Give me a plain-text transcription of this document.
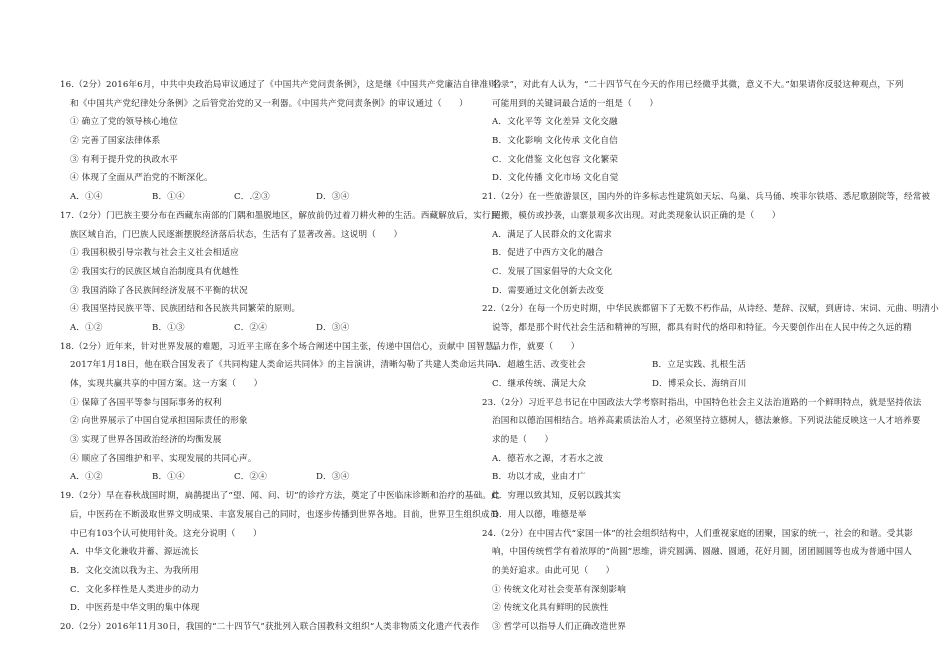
16.（2分）2016年6月，中共中央政治局审议通过了《中国共产党问责条例》，这是继《中国共产党廉洁自律准则》
和《中国共产党纪律处分条例》之后管党治党的又一利器。《中国共产党问责条例》的审议通过（　　）
① 确立了党的领导核心地位
② 完善了国家法律体系
③ 有利于提升党的执政水平
④ 体现了全面从严治党的不断深化。
A．①④	B．①④	C．.②③	D．③④
17.（2分）门巴族主要分布在西藏东南部的门隅和墨脱地区，解放前仍过着刀耕火种的生活。西藏解放后，实行民
族区域自治，门巴族人民逐渐摆脱经济落后状态，生活有了显著改善。这说明（　　）
① 我国积极引导宗教与社会主义社会相适应
② 我国实行的民族区域自治制度具有优越性
③ 我国消除了各民族间经济发展不平衡的状况
④ 我国坚持民族平等、民族团结和各民族共同繁荣的原则。
A．①②	B．①③	C．②④	D．③④
18.（2分）近年来，针对世界发展的难题，习近平主席在多个场合阐述中国主张，传递中国信心，贡献中 国智慧。
2017年1月18日，他在联合国发表了《共同构建人类命运共同体》的主旨演讲，清晰勾勒了共建人类命运共同
体，实现共赢共享的中国方案。这一方案（　　）
① 保障了各国平等参与国际事务的权利
② 向世界展示了中国自觉承担国际责任的形象
③ 实现了世界各国政治经济的均衡发展
④ 顺应了各国维护和平、实现发展的共同心声。
A．①②	B．①④	C．②④	D．③④
19.（2分）早在春秋战国时期，扁鹊提出了“望、闻、问、切”的诊疗方法，奠定了中医临床诊断和治疗的基础。此
后，中医药在不断汲取世界文明成果、丰富发展自己的同时，也逐步传播到世界各地。目前，世界卫生组织成员
中已有103个认可使用针灸。这充分说明（　　）
A．中华文化兼收并蓄、源远流长
B．文化交流以我为主、为我所用
C．文化多样性是人类进步的动力
D．中医药是中华文明的集中体现
20.（2分）2016年11月30日，我国的“二十四节气”获批列入联合国教科文组织“人类非物质文化遗产代表作
名录”，对此有人认为，“二十四节气在今天的作用已经微乎其微，意义不大。”如果请你反驳这种观点，下列
可能用到的关键词最合适的一组是（　　）
A．文化平等 文化差异 文化交融
B．文化影响 文化传承 文化自信
C．文化借鉴 文化包容 文化繁荣
D．文化传播 文化市场 文化自觉
21.（2分）在一些旅游景区，国内外的许多标志性建筑如天坛、鸟巢、兵马俑、埃菲尔铁塔、悉尼歌剧院等，经常被
照搬，模仿或抄袭，山寨景观多次出现。对此类现象认识正确的是（　　）
A．满足了人民群众的文化需求
B．促进了中西方文化的融合
C．发展了国家倡导的大众文化
D．需要通过文化创新去改变
22.（2分）在每一个历史时期，中华民族都留下了无数不朽作品，从诗经、楚辞、汉赋，到唐诗、宋词、元曲、明清小
说等，都是那个时代社会生活和精神的写照，都具有时代的烙印和特征。今天要创作出在人民中传之久远的精
品力作，就要（　　）
A．超越生活、改变社会	B．立足实践、扎根生活
C．继承传统、满足大众	D．博采众长、海纳百川
23.（2分）习近平总书记在中国政法大学考察时指出，中国特色社会主义法治道路的一个鲜明特点，就是坚持依法
治国和以德治国相结合。培养高素质法治人才，必须坚持立德树人，德法兼修。下列说法能反映这一人才培养要
求的是（　　）
A．德若水之源，才若水之波
B．功以才成，业由才广
C．穷理以致其知，反躬以践其实
D．用人以德，唯德是举
24.（2分）在中国古代“家国一体”的社会组织结构中，人们重视家庭的团聚，国家的统一，社会的和谐。受其影
响，中国传统哲学有着浓厚的“尚圆”思维，讲究圆满、圆融、圆通，花好月圆，团团圆圆等也成为普通中国人
的美好追求。由此可见（　　）
① 传统文化对社会变革有深刻影响
② 传统文化具有鲜明的民族性
③ 哲学可以指导人们正确改造世界
